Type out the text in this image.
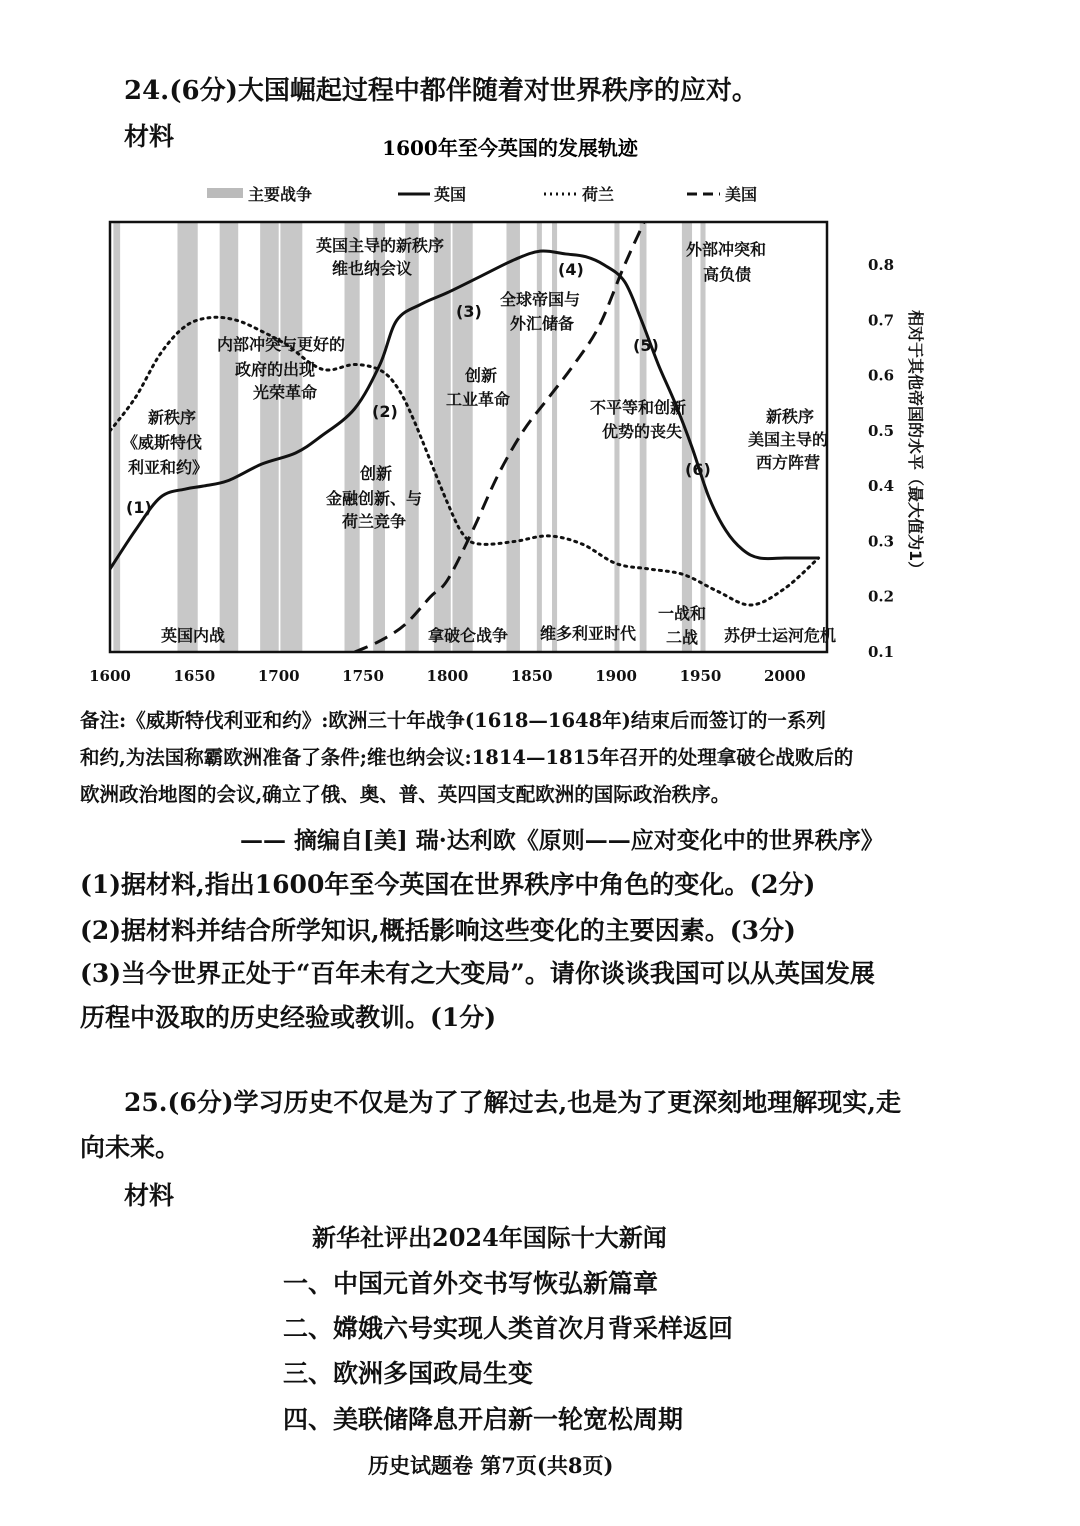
24.(6分)大国崛起过程中都伴随着对世界秩序的应对。
材料	1600年至今英国的发展轨迹
主要战争	英国	荷兰	美国
1600	1650	1700	1750	1800	1850	1900	1950	2000
0.8
0.7
0.6
0.5
0.4
0.3
0.2
0.1
相对于其他帝国的水平（最大值为1）
英国主导的新秩序
维也纳会议
外部冲突和
高负债
内部冲突与更好的
政府的出现
光荣革命
全球帝国与
外汇储备
创新
工业革命
新秩序
《威斯特伐
利亚和约》
不平等和创新
优势的丧失
新秩序
美国主导的
西方阵营
创新
金融创新、与
荷兰竞争
(1)
(2)
(3)
(4)
(5)
(6)
英国内战	拿破仑战争 维多利亚时代
一战和
二战 苏伊士运河危机
备注:《威斯特伐利亚和约》:欧洲三十年战争(1618—1648年)结束后而签订的一系列
和约,为法国称霸欧洲准备了条件;维也纳会议:1814—1815年召开的处理拿破仑战败后的
欧洲政治地图的会议,确立了俄、奥、普、英四国支配欧洲的国际政治秩序。
—— 摘编自[美] 瑞·达利欧《原则——应对变化中的世界秩序》
(1)据材料,指出1600年至今英国在世界秩序中角色的变化。(2分)
(2)据材料并结合所学知识,概括影响这些变化的主要因素。(3分)
(3)当今世界正处于“百年未有之大变局”。请你谈谈我国可以从英国发展
历程中汲取的历史经验或教训。(1分)
25.(6分)学习历史不仅是为了了解过去,也是为了更深刻地理解现实,走
向未来。
材料
新华社评出2024年国际十大新闻
一、中国元首外交书写恢弘新篇章
二、嫦娥六号实现人类首次月背采样返回
三、欧洲多国政局生变
四、美联储降息开启新一轮宽松周期
历史试题卷 第7页(共8页)
